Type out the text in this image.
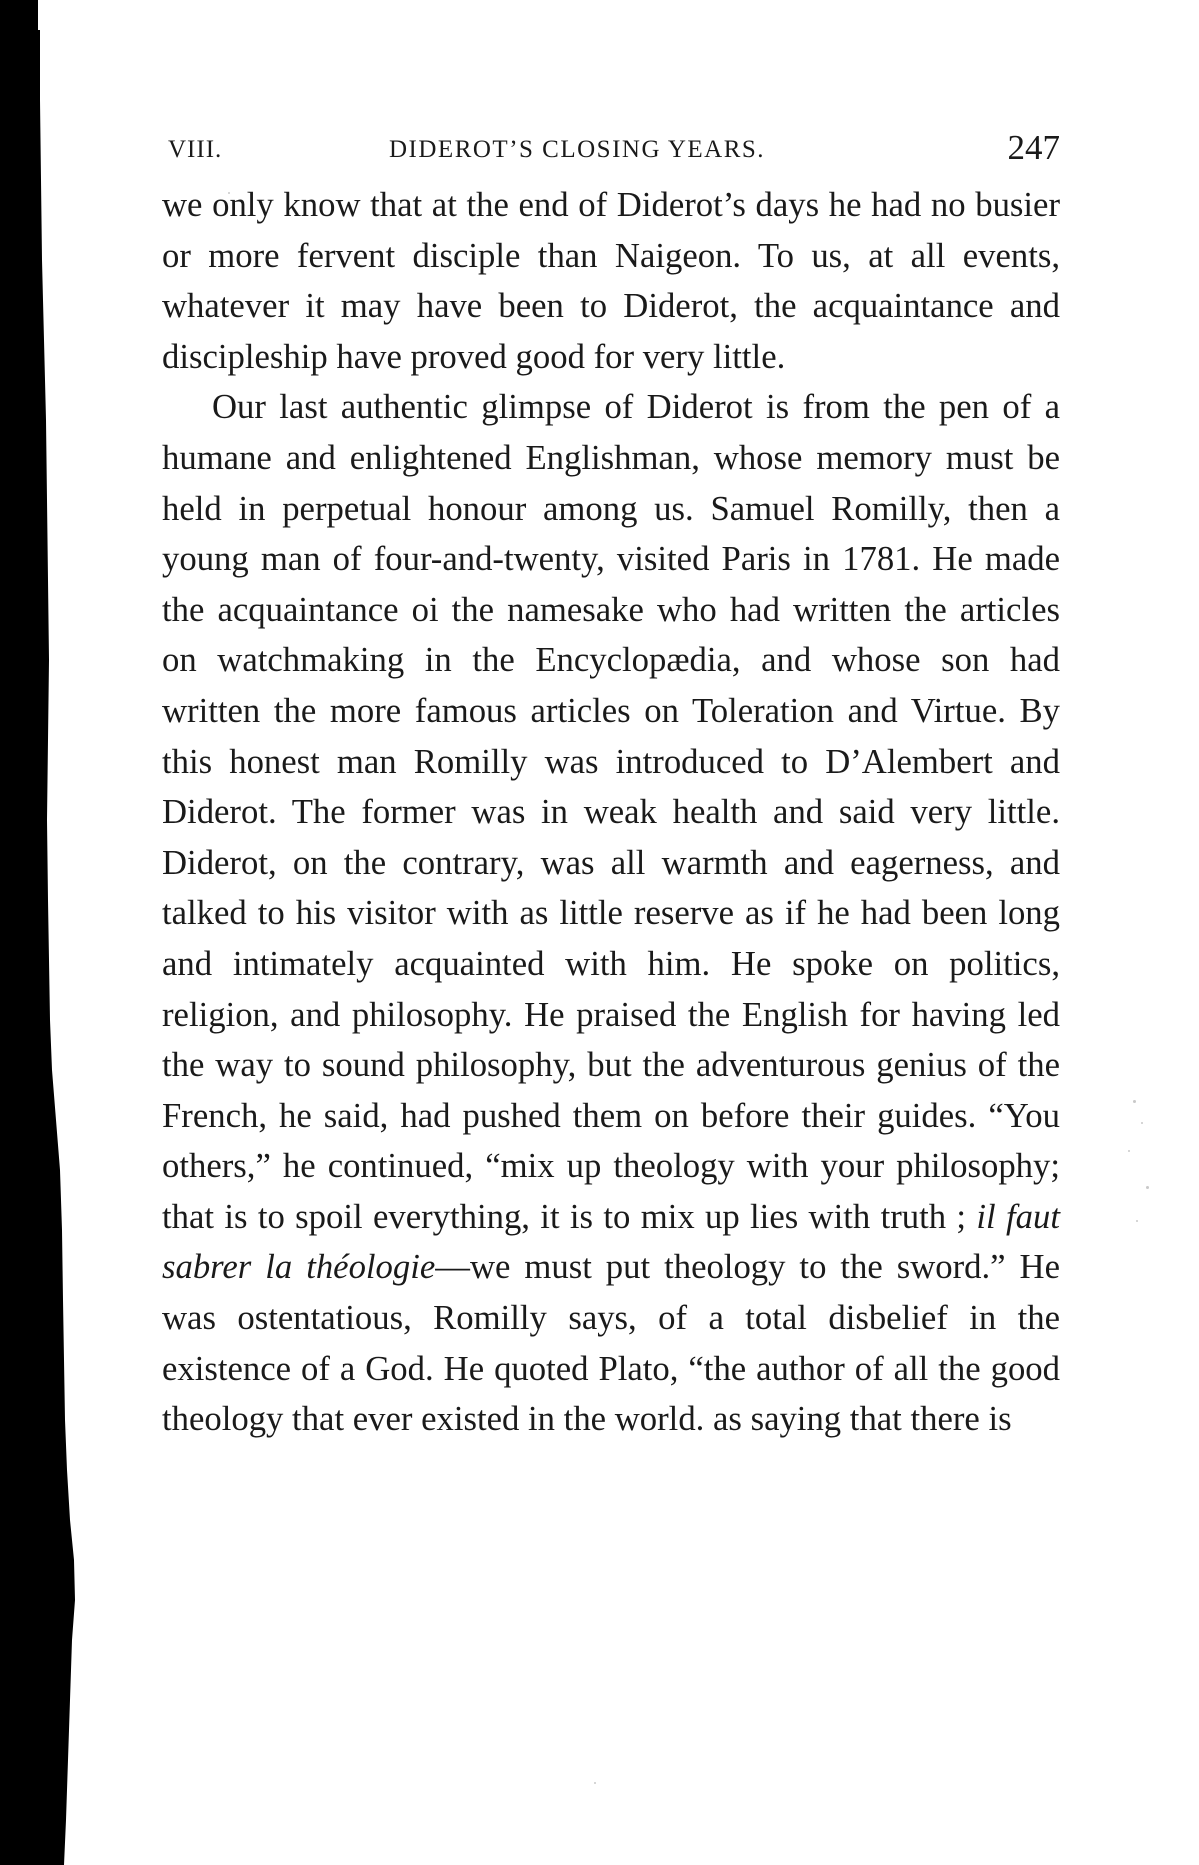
VIII.	DIDEROT’S CLOSING YEARS.	247

we only know that at the end of Diderot’s days he had no busier or more fervent disciple than Naigeon. To us, at all events, whatever it may have been to Diderot, the acquaintance and discipleship have proved good for very little.

Our last authentic glimpse of Diderot is from the pen of a humane and enlightened Englishman, whose memory must be held in perpetual honour among us. Samuel Romilly, then a young man of four-and-twenty, visited Paris in 1781. He made the acquaintance oi the namesake who had written the articles on watchmaking in the Encyclopædia, and whose son had written the more famous articles on Toleration and Virtue. By this honest man Romilly was introduced to D’Alembert and Diderot. The former was in weak health and said very little. Diderot, on the contrary, was all warmth and eagerness, and talked to his visitor with as little reserve as if he had been long and intimately acquainted with him. He spoke on politics, religion, and philosophy. He praised the English for having led the way to sound philosophy, but the adventurous genius of the French, he said, had pushed them on before their guides. “You others,” he continued, “mix up theology with your philosophy; that is to spoil everything, it is to mix up lies with truth ; il faut sabrer la théologie—we must put theology to the sword.” He was ostentatious, Romilly says, of a total disbelief in the existence of a God. He quoted Plato, “the author of all the good theology that ever existed in the world. as saying that there is
